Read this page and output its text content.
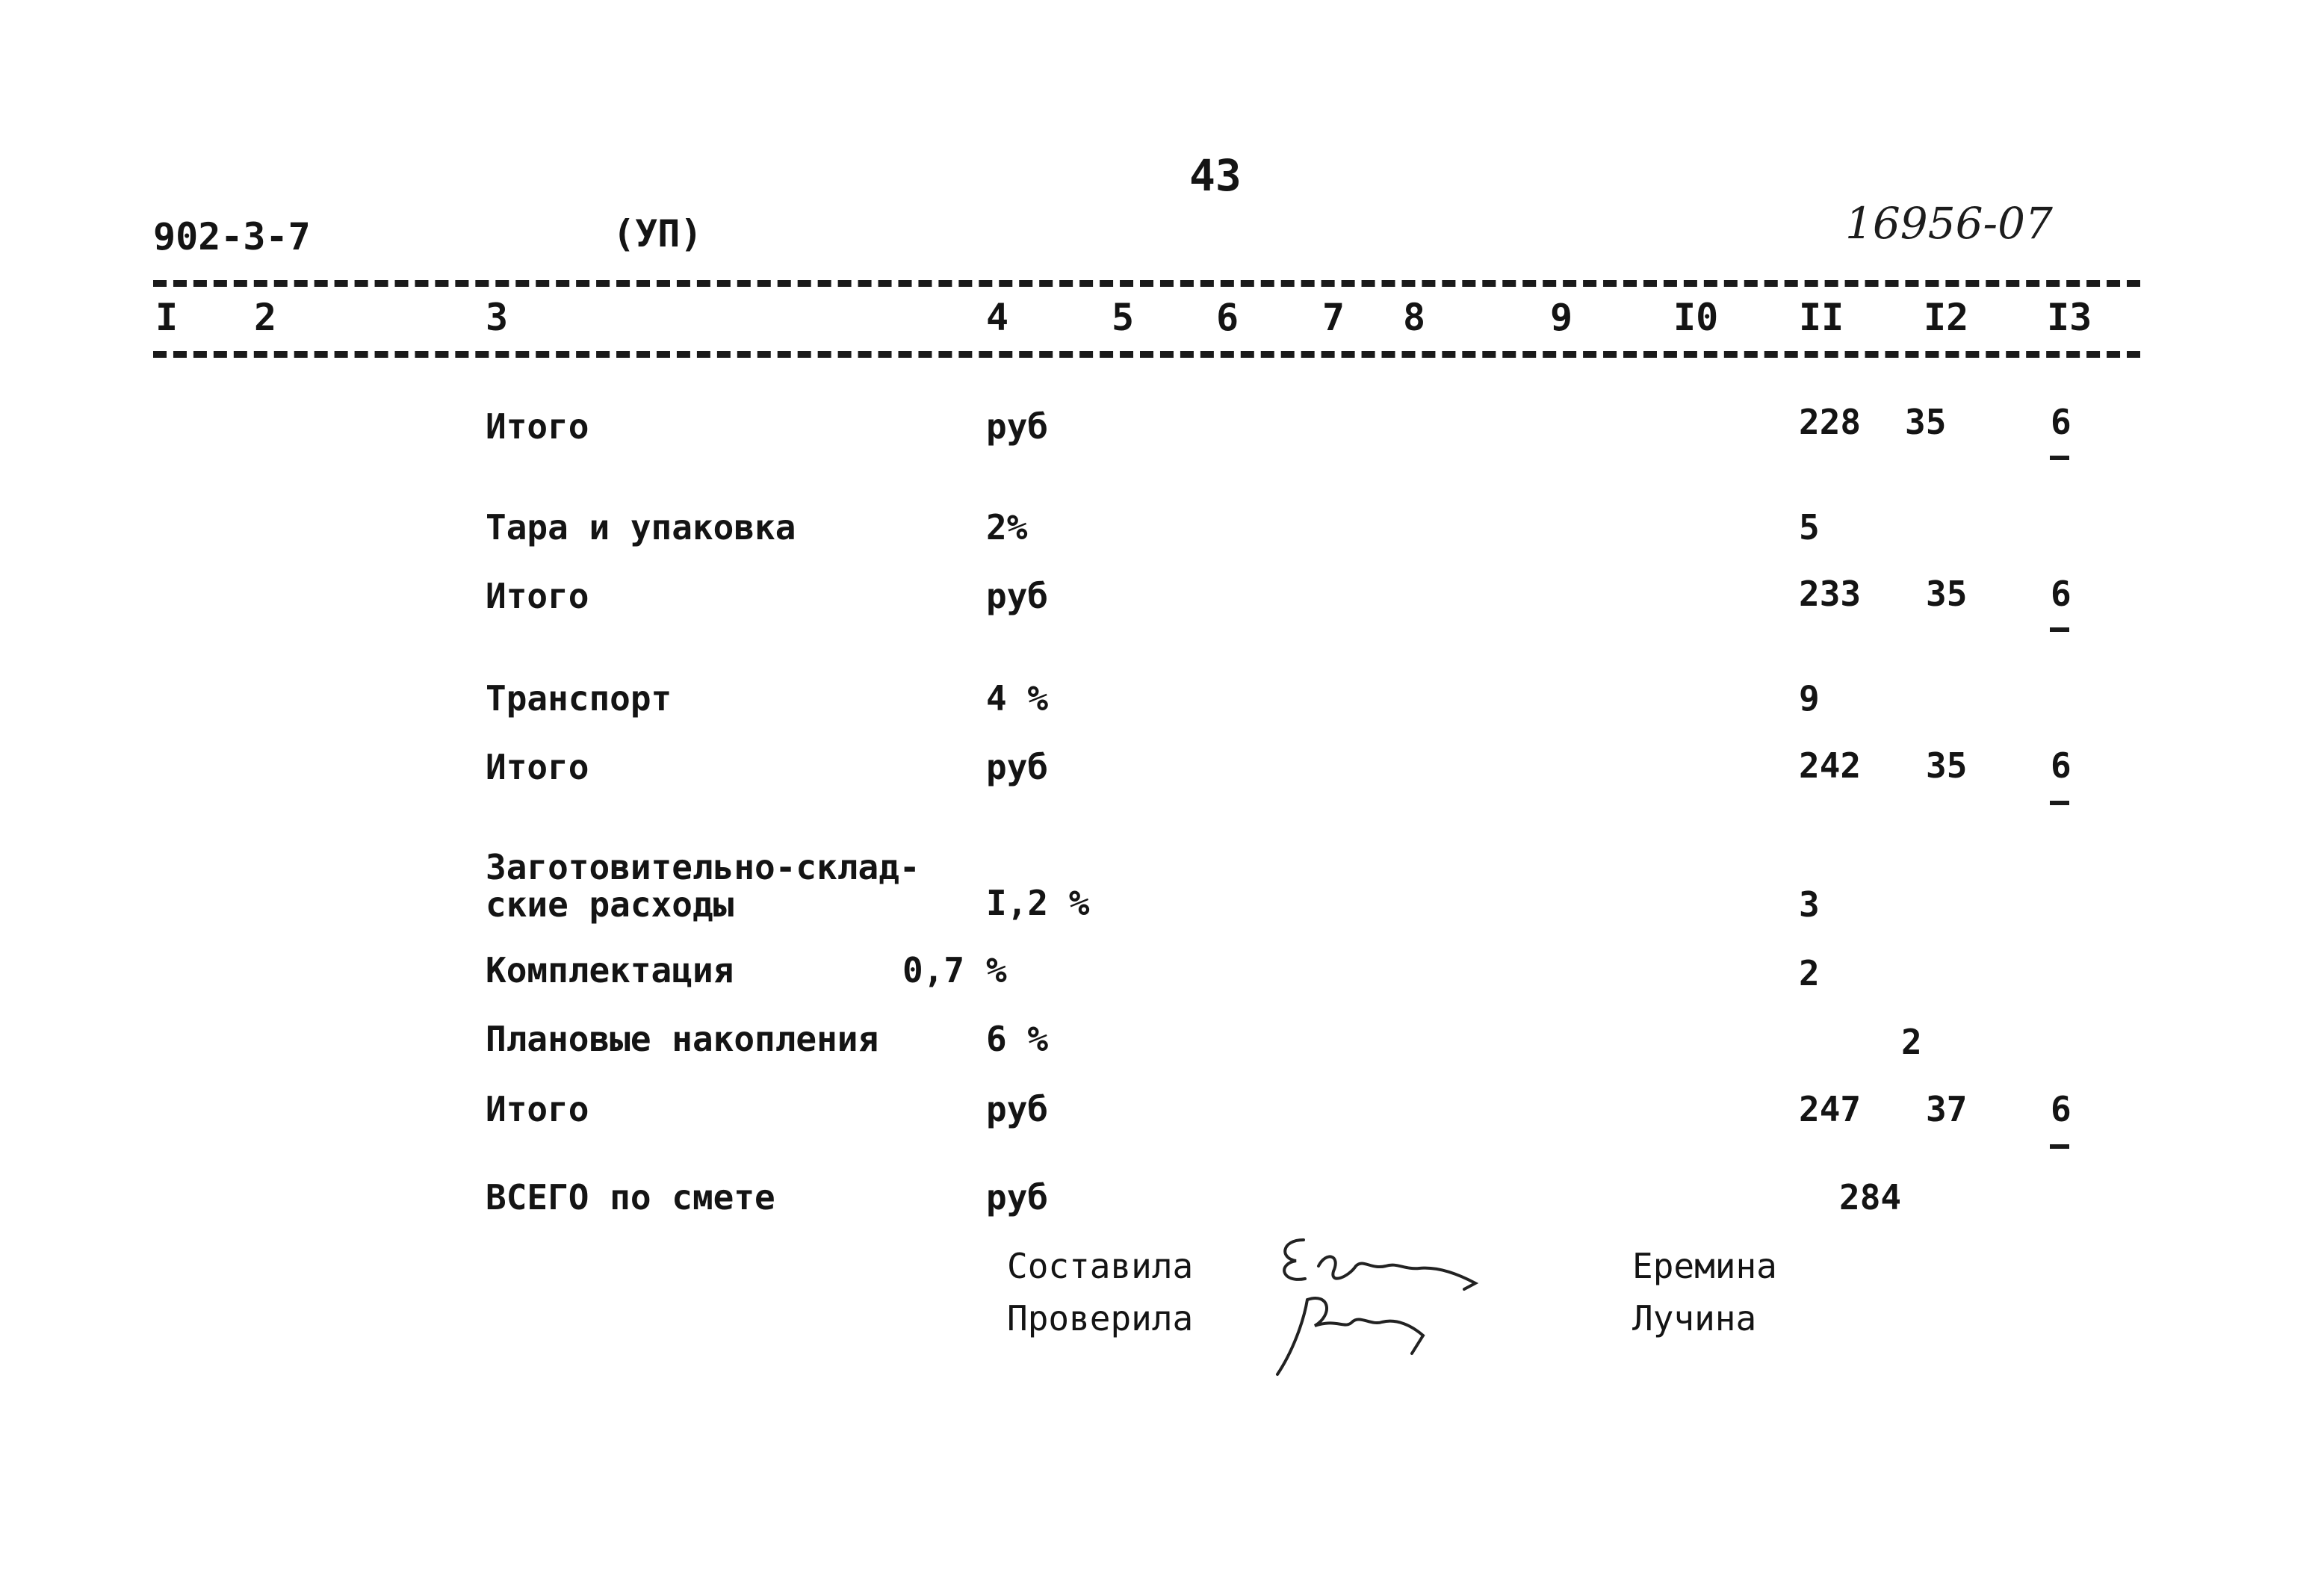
43
902-3-7	(УП)	16956-07
I 2	3	4	5 6 7 8	9	I0 II I2 I3
Итого	руб	228 35	6
Тара и упаковка	2%	5
Итого	руб	233 35 6
Транспорт	4 %	9
Итого	руб	242 35 6
Заготовительно-склад-
ские расходы	I,2 %	3
Комплектация	0,7 %	2
Плановые накопления	6 %	2
Итого	руб	247 37 6
ВСЕГО по смете	руб	284
Составила	Еремина
Проверила	Лучина
